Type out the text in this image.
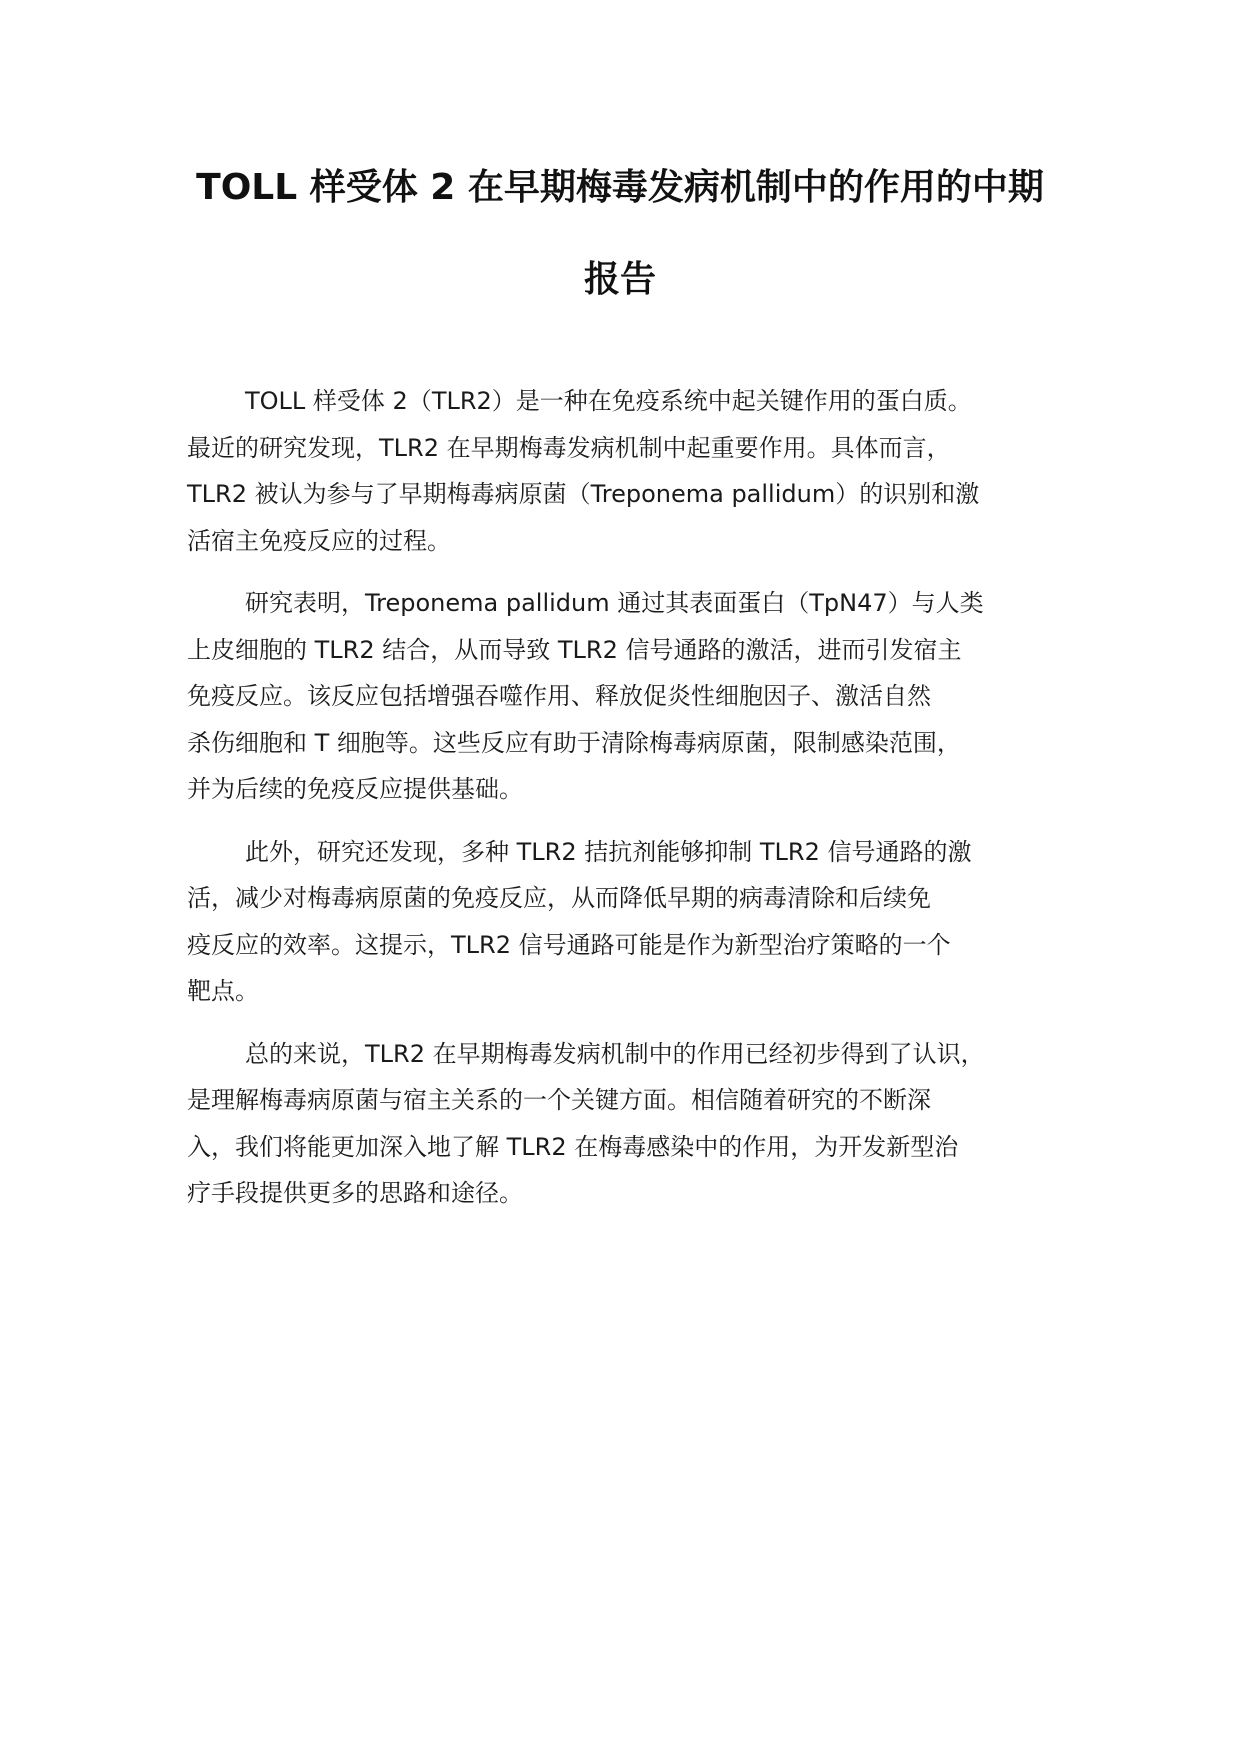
TOLL 样受体 2 在早期梅毒发病机制中的作用的中期
报告
TOLL 样受体 2（TLR2）是一种在免疫系统中起关键作用的蛋白质。
最近的研究发现，TLR2 在早期梅毒发病机制中起重要作用。具体而言，
TLR2 被认为参与了早期梅毒病原菌（Treponema pallidum）的识别和激
活宿主免疫反应的过程。
研究表明，Treponema pallidum 通过其表面蛋白（TpN47）与人类
上皮细胞的 TLR2 结合，从而导致 TLR2 信号通路的激活，进而引发宿主
免疫反应。该反应包括增强吞噬作用、释放促炎性细胞因子、激活自然
杀伤细胞和 T 细胞等。这些反应有助于清除梅毒病原菌，限制感染范围，
并为后续的免疫反应提供基础。
此外，研究还发现，多种 TLR2 拮抗剂能够抑制 TLR2 信号通路的激
活，减少对梅毒病原菌的免疫反应，从而降低早期的病毒清除和后续免
疫反应的效率。这提示，TLR2 信号通路可能是作为新型治疗策略的一个
靶点。
总的来说，TLR2 在早期梅毒发病机制中的作用已经初步得到了认识，
是理解梅毒病原菌与宿主关系的一个关键方面。相信随着研究的不断深
入，我们将能更加深入地了解 TLR2 在梅毒感染中的作用，为开发新型治
疗手段提供更多的思路和途径。
